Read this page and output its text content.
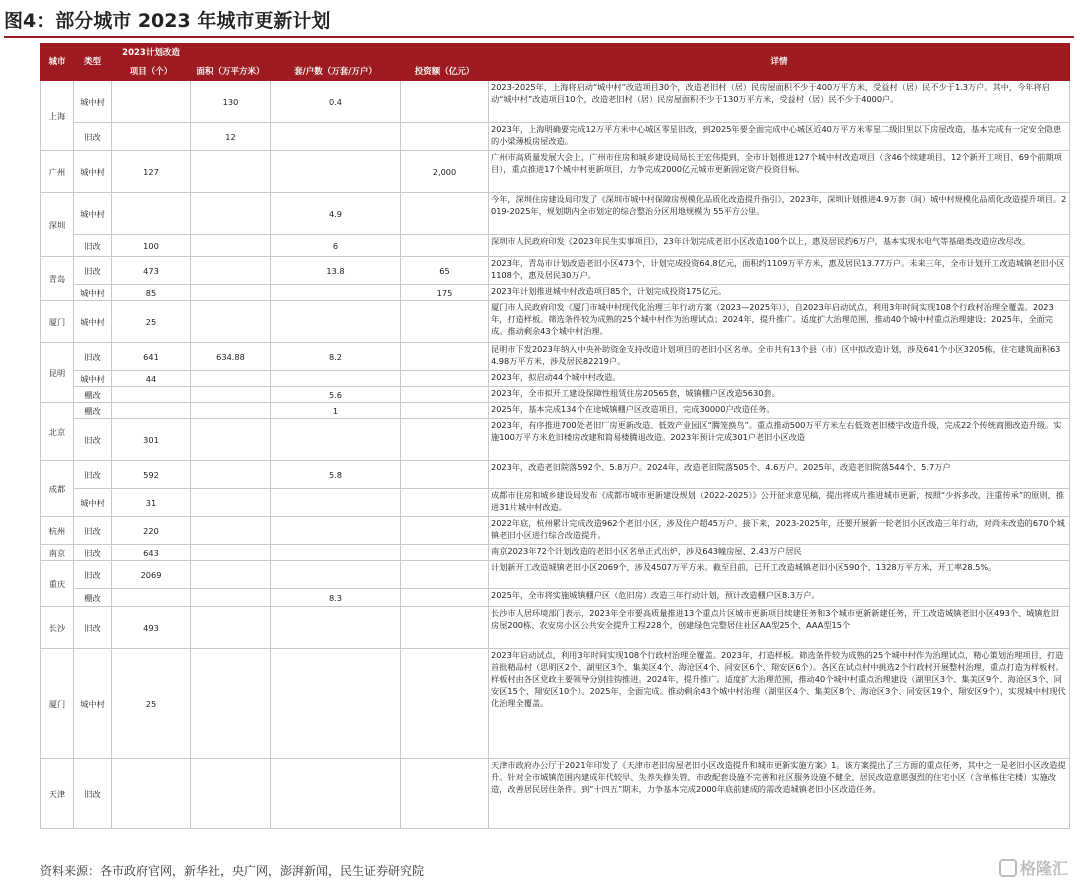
图4：部分城市 2023 年城市更新计划
城市	类型	2023计划改造				详情
		项目（个）	面积（万平方米）	套/户数（万套/万户）	投资额（亿元）	
上海	城中村		130	0.4		2023-2025年，上海将启动“城中村”改造项目30个，改造老旧村（居）民房屋面积不少于400万平方米，受益村（居）民不少于1.3万户。其中，今年将启动“城中村”改造项目10个，改造老旧村（居）民房屋面积不少于130万平方米，受益村（居）民不少于4000户。
	旧改		12			2023年，上海明确要完成12万平方米中心城区零星旧改，到2025年要全面完成中心城区近40万平方米零星二级旧里以下房屋改造，基本完成有一定安全隐患的小梁薄板房屋改造。
广州	城中村	127			2,000	广州市高质量发展大会上，广州市住房和城乡建设局局长王宏伟提到，全市计划推进127个城中村改造项目（含46个续建项目，12个新开工项目，69个前期项目），重点推进17个城中村更新项目，力争完成2000亿元城市更新固定资产投资目标。
深圳	城中村			4.9		今年，深圳住房建设局印发了《深圳市城中村保障房规模化品质化改造提升指引》，2023年，深圳计划推进4.9万套（间）城中村规模化品质化改造提升项目。2019-2025年，规划期内全市划定的综合整治分区用地规模为 55平方公里。
	旧改	100		6		深圳市人民政府印发《2023年民生实事项目》，23年计划完成老旧小区改造100个以上，惠及居民约6万户，基本实现水电气等基础类改造应改尽改。
青岛	旧改	473		13.8	65	2023年，青岛市计划改造老旧小区473个，计划完成投资64.8亿元，面积约1109万平方米，惠及居民13.77万户。未来三年，全市计划开工改造城镇老旧小区1108个，惠及居民30万户。
	城中村	85			175	2023年计划推进城中村改造项目85个，计划完成投资175亿元。
厦门	城中村	25				厦门市人民政府印发《厦门市城中村现代化治理三年行动方案（2023—2025年）》，自2023年启动试点，利用3年时间实现108个行政村治理全覆盖。2023年，打造样板。筛选条件较为成熟的25个城中村作为治理试点；2024年，提升推广。适度扩大治理范围，推动40个城中村重点治理建设；2025年，全面完成。推动剩余43个城中村治理。
昆明	旧改	641	634.88	8.2		昆明市下发2023年纳入中央补助资金支持改造计划项目的老旧小区名单。全市共有13个县（市）区中拟改造计划，涉及641个小区3205栋，住宅建筑面积634.98万平方米，涉及居民82219户。
	城中村	44				2023年，拟启动44个城中村改造。
	棚改			5.6		2023年，全市拟开工建设保障性租赁住房20565套，城镇棚户区改造5630套。
北京	棚改			1		2025年，基本完成134个在途城镇棚户区改造项目，完成30000户改造任务。
	旧改	301				2023年，有序推进700处老旧厂房更新改造、低效产业园区“腾笼换鸟”。重点推动500万平方米左右低效老旧楼宇改造升级，完成22个传统商圈改造升级。实施100万平方米危旧楼房改建和简易楼腾退改造。2023年预计完成301户老旧小区改造
成都	旧改	592		5.8		2023年，改造老旧院落592个、5.8万户。2024年，改造老旧院落505个、4.6万户。2025年，改造老旧院落544个、5.7万户
	城中村	31				成都市住房和城乡建设局发布《成都市城市更新建设规划（2022-2025）》公开征求意见稿，提出将成片推进城市更新，按照“少拆多改，注重传承”的原则，推进31片城中村改造。
杭州	旧改	220				2022年底，杭州累计完成改造962个老旧小区，涉及住户超45万户。接下来，2023-2025年，还要开展新一轮老旧小区改造三年行动，对尚未改造的670个城镇老旧小区进行综合改造提升。
南京	旧改	643				南京2023年72个计划改造的老旧小区名单正式出炉，涉及643幢房屋、2.43万户居民
重庆	旧改	2069				计划新开工改造城镇老旧小区2069个，涉及4507万平方米。截至目前，已开工改造城镇老旧小区590个、1328万平方米，开工率28.5%。
	棚改			8.3		2025年，全市将实施城镇棚户区（危旧房）改造三年行动计划，预计改造棚户区8.3万户。
长沙	旧改	493				长沙市人居环境部门表示，2023年全市要高质量推进13个重点片区城市更新项目续建任务和3个城市更新新建任务，开工改造城镇老旧小区493个、城镇危旧房屋200栋、农安房小区公共安全提升工程228个，创建绿色完整居住社区AA型25个、AAA型15个
厦门	城中村	25				2023年启动试点，利用3年时间实现108个行政村治理全覆盖。2023年，打造样板。筛选条件较为成熟的25个城中村作为治理试点，精心策划治理项目，打造首批精品村（思明区2个、湖里区3个、集美区4个、海沧区4个、同安区6个、翔安区6个）。各区在试点村中挑选2个行政村开展整村治理，重点打造为样板村。样板村由各区党政主要领导分别挂钩推进。2024年，提升推广。适度扩大治理范围，推动40个城中村重点治理建设（湖里区3个、集美区9个、海沧区3个、同安区15个、翔安区10个）。2025年，全面完成。推动剩余43个城中村治理（湖里区4个、集美区8个、海沧区3个、同安区19个、翔安区9个），实现城中村现代化治理全覆盖。
天津	旧改					天津市政府办公厅于2021年印发了《天津市老旧房屋老旧小区改造提升和城市更新实施方案》1。该方案提出了三方面的重点任务，其中之一是老旧小区改造提升。针对全市城镇范围内建成年代较早、失养失修失管、市政配套设施不完善和社区服务设施不健全、居民改造意愿强烈的住宅小区（含单栋住宅楼）实施改造，改善居民居住条件。到“十四五”期末，力争基本完成2000年底前建成的需改造城镇老旧小区改造任务。
资料来源：各市政府官网，新华社，央广网，澎湃新闻，民生证券研究院	格隆汇
